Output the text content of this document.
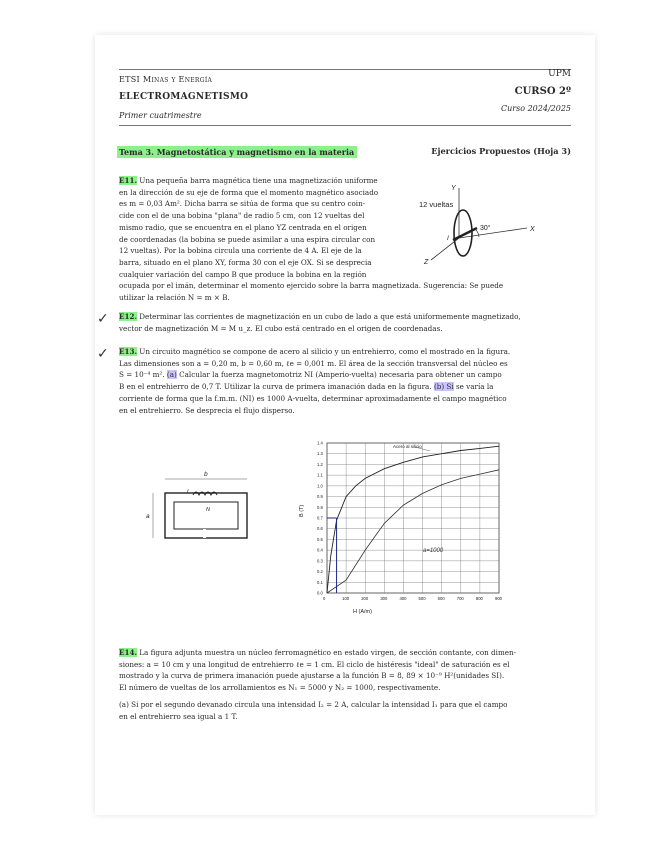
ETSI Minas y Energía
UPM
ELECTROMAGNETISMO	CURSO 2º
Primer cuatrimestre
Curso 2024/2025
Tema 3. Magnetostática y magnetismo en la materia	Ejercicios Propuestos (Hoja 3)
E11. Una pequeña barra magnética tiene una magnetización uniforme
en la dirección de su eje de forma que el momento magnético asociado
es m = 0,03 Am². Dicha barra se sitúa de forma que su centro coin-
cide con el de una bobina "plana" de radio 5 cm, con 12 vueltas del
mismo radio, que se encuentra en el plano YZ centrada en el origen
de coordenadas (la bobina se puede asimilar a una espira circular con
12 vueltas). Por la bobina circula una corriente de 4 A. El eje de la
barra, situado en el plano XY, forma 30 con el eje OX. Si se desprecia
cualquier variación del campo B que produce la bobina en la región
ocupada por el imán, determinar el momento ejercido sobre la barra magnetizada. Sugerencia: Se puede
utilizar la relación N = m × B.
12 vueltas
30°	X
Y
Z
I
✓
✓
E12. Determinar las corrientes de magnetización en un cubo de lado a que está uniformemente magnetizado,
vector de magnetización M = M u_z. El cubo está centrado en el origen de coordenadas.
E13. Un circuito magnético se compone de acero al silicio y un entrehierro, como el mostrado en la figura.
Las dimensiones son a = 0,20 m, b = 0,60 m, ℓe = 0,001 m. El área de la sección transversal del núcleo es
S = 10⁻⁴ m². (a) Calcular la fuerza magnetomotriz NI (Amperio-vuelta) necesaria para obtener un campo
B en el entrehierro de 0,7 T. Utilizar la curva de primera imanación dada en la figura. (b) Si se varía la
corriente de forma que la f.m.m. (NI) es 1000 A-vuelta, determinar aproximadamente el campo magnético
en el entrehierro. Se desprecia el flujo disperso.
b
a
N
I
0	100	200	300	400	500	600	700	800	900
0.0
0.1
0.2
0.3
0.4
0.5
0.6
0.7
0.8
0.9
1.0
1.1
1.2
1.3
1.4
H (A/m)
B (T)
Acero al silicio
a=1000
E14. La figura adjunta muestra un núcleo ferromagnético en estado virgen, de sección contante, con dimen-
siones: a = 10 cm y una longitud de entrehierro ℓe = 1 cm. El ciclo de histéresis "ideal" de saturación es el
mostrado y la curva de primera imanación puede ajustarse a la función B = 8, 89 × 10⁻⁹ H²(unidades SI).
El número de vueltas de los arrollamientos es N₁ = 5000 y N₂ = 1000, respectivamente.
(a) Si por el segundo devanado circula una intensidad I₂ = 2 A, calcular la intensidad I₁ para que el campo
en el entrehierro sea igual a 1 T.
